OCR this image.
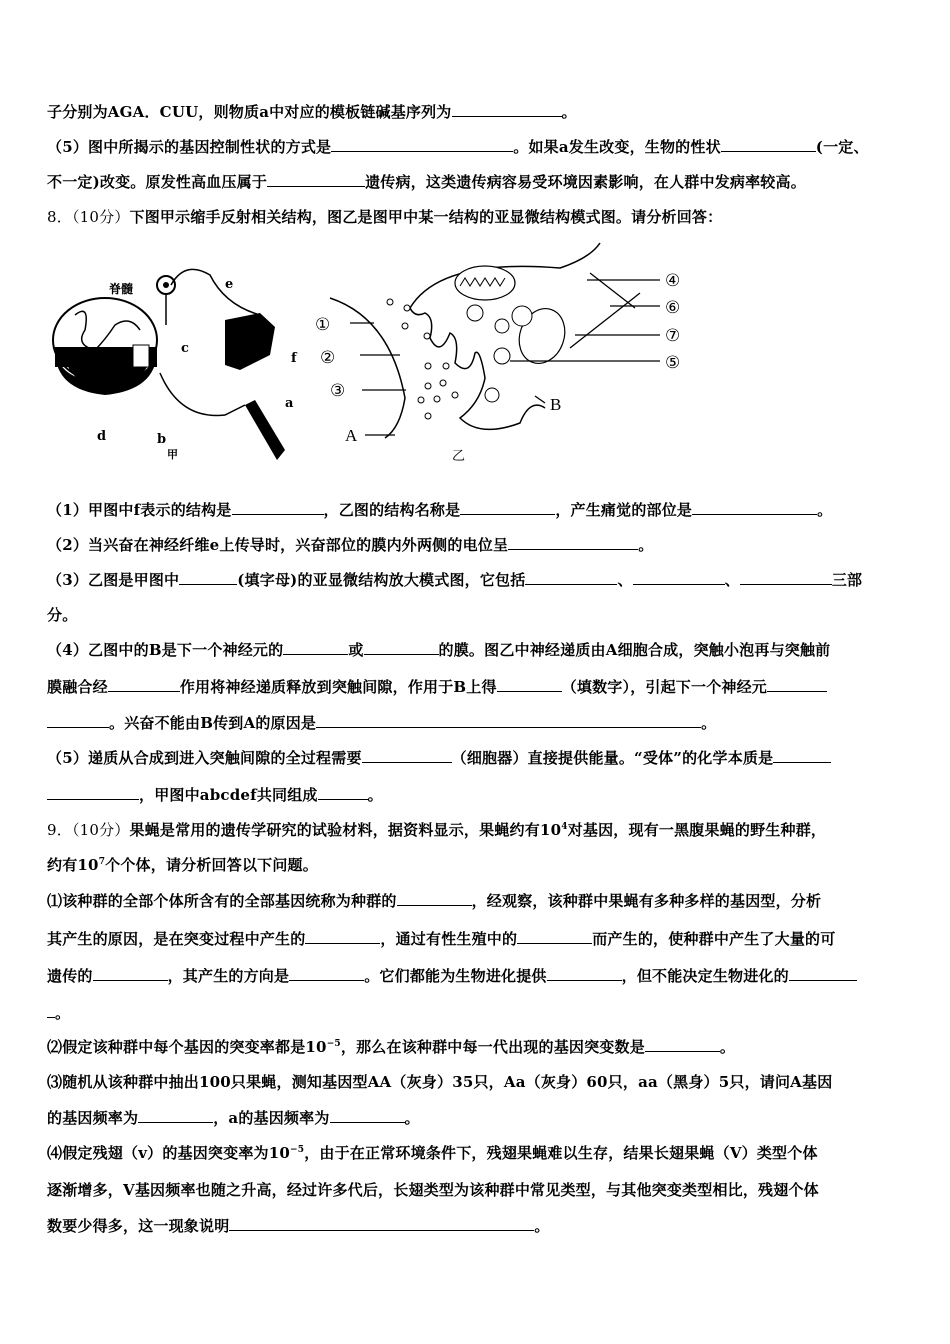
子分别为AGA．CUU，则物质a中对应的模板链碱基序列为	。
（5）图中所揭示的基因控制性状的方式是	。如果a发生改变，生物的性状	(一定、
不一定)改变。原发性高血压属于	遗传病，这类遗传病容易受环境因素影响，在人群中发病率较高。
8．（10分）下图甲示缩手反射相关结构，图乙是图甲中某一结构的亚显微结构模式图。请分析回答：
脊髓	e
c
f
a
d	b
甲
①
②
③
A
④
⑥
⑦
⑤
B
乙
（1）甲图中f表示的结构是	，乙图的结构名称是	，产生痛觉的部位是	。
（2）当兴奋在神经纤维e上传导时，兴奋部位的膜内外两侧的电位呈	。
（3）乙图是甲图中	(填字母)的亚显微结构放大模式图，它包括	、	、	三部
分。
（4）乙图中的B是下一个神经元的	或	的膜。图乙中神经递质由A细胞合成，突触小泡再与突触前
膜融合经	作用将神经递质释放到突触间隙，作用于B上得	（填数字），引起下一个神经元
。兴奋不能由B传到A的原因是	。
（5）递质从合成到进入突触间隙的全过程需要	（细胞器）直接提供能量。“受体”的化学本质是
，甲图中abcdef共同组成	。
9．（10分）果蝇是常用的遗传学研究的试验材料，据资料显示，果蝇约有$10^4$对基因，现有一黑腹果蝇的野生种群，
约有$10^7$个个体，请分析回答以下问题。
⑴该种群的全部个体所含有的全部基因统称为种群的	，经观察，该种群中果蝇有多种多样的基因型，分析
其产生的原因，是在突变过程中产生的	，通过有性生殖中的	而产生的，使种群中产生了大量的可
遗传的	，其产生的方向是	。它们都能为生物进化提供	，但不能决定生物进化的
。
⑵假定该种群中每个基因的突变率都是$10^{-5}$，那么在该种群中每一代出现的基因突变数是	。
⑶随机从该种群中抽出100只果蝇，测知基因型AA（灰身）35只，Aa（灰身）60只，aa（黑身）5只，请问A基因
的基因频率为	，a的基因频率为	。
⑷假定残翅（v）的基因突变率为$10^{-5}$，由于在正常环境条件下，残翅果蝇难以生存，结果长翅果蝇（V）类型个体
逐渐增多，V基因频率也随之升高，经过许多代后，长翅类型为该种群中常见类型，与其他突变类型相比，残翅个体
数要少得多，这一现象说明	。
